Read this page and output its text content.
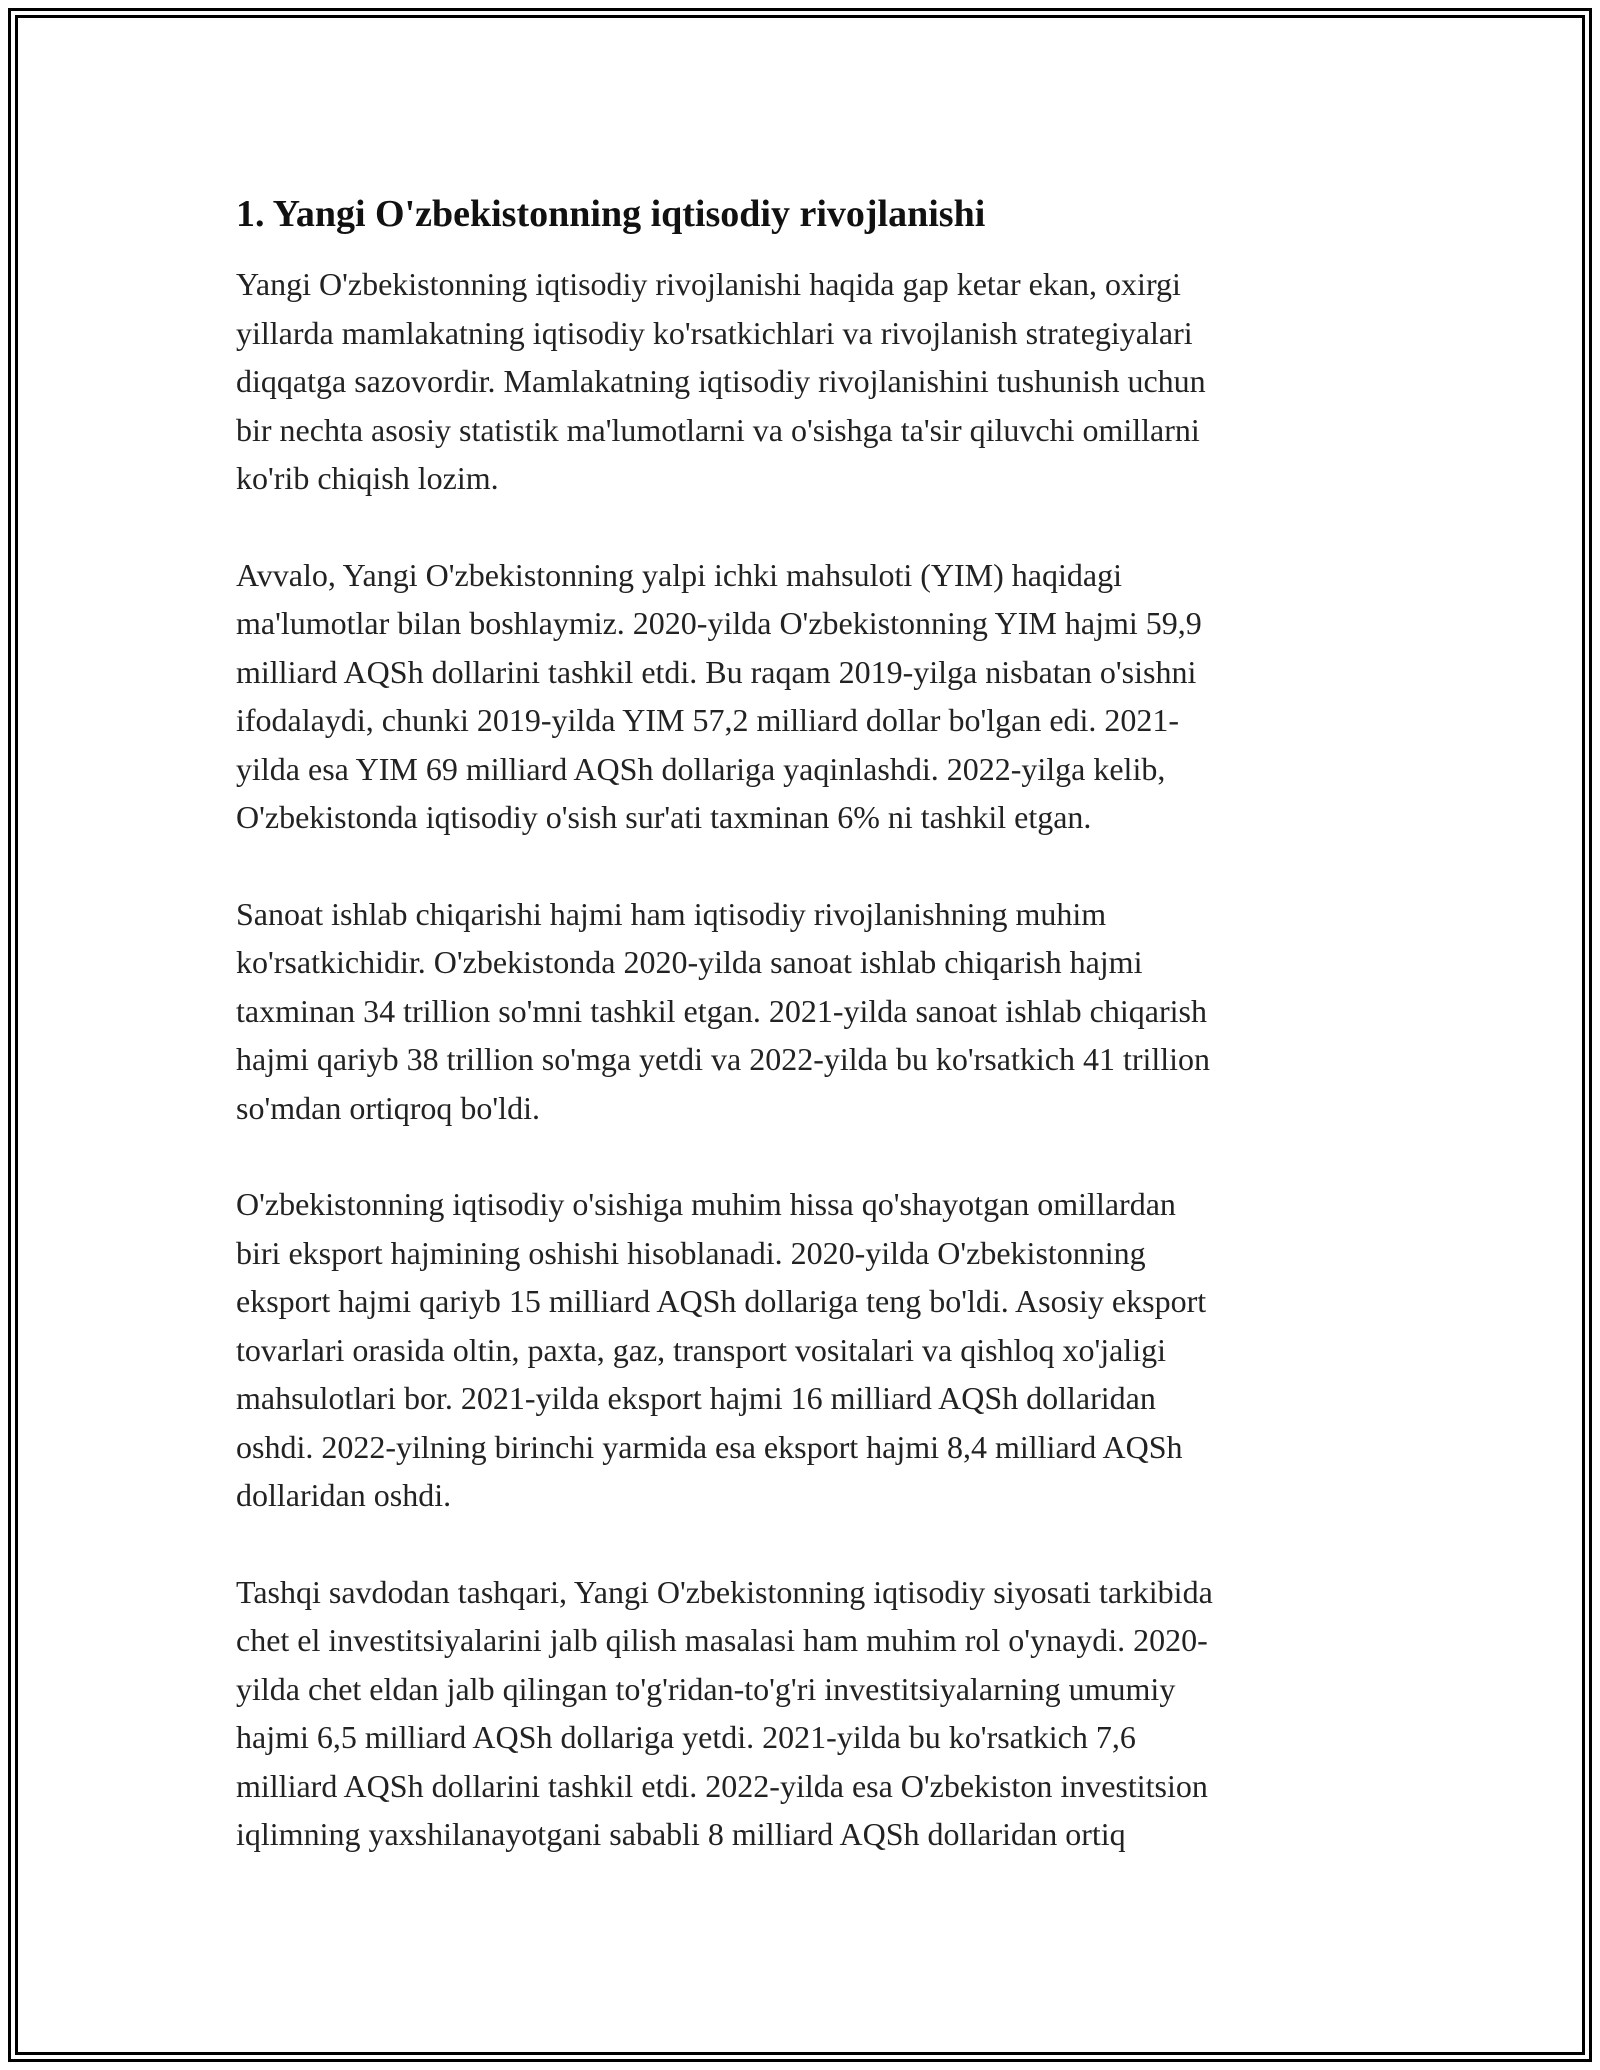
1. Yangi O'zbekistonning iqtisodiy rivojlanishi
Yangi O'zbekistonning iqtisodiy rivojlanishi haqida gap ketar ekan, oxirgi
yillarda mamlakatning iqtisodiy ko'rsatkichlari va rivojlanish strategiyalari
diqqatga sazovordir. Mamlakatning iqtisodiy rivojlanishini tushunish uchun
bir nechta asosiy statistik ma'lumotlarni va o'sishga ta'sir qiluvchi omillarni
ko'rib chiqish lozim.
Avvalo, Yangi O'zbekistonning yalpi ichki mahsuloti (YIM) haqidagi
ma'lumotlar bilan boshlaymiz. 2020-yilda O'zbekistonning YIM hajmi 59,9
milliard AQSh dollarini tashkil etdi. Bu raqam 2019-yilga nisbatan o'sishni
ifodalaydi, chunki 2019-yilda YIM 57,2 milliard dollar bo'lgan edi. 2021-
yilda esa YIM 69 milliard AQSh dollariga yaqinlashdi. 2022-yilga kelib,
O'zbekistonda iqtisodiy o'sish sur'ati taxminan 6% ni tashkil etgan.
Sanoat ishlab chiqarishi hajmi ham iqtisodiy rivojlanishning muhim
ko'rsatkichidir. O'zbekistonda 2020-yilda sanoat ishlab chiqarish hajmi
taxminan 34 trillion so'mni tashkil etgan. 2021-yilda sanoat ishlab chiqarish
hajmi qariyb 38 trillion so'mga yetdi va 2022-yilda bu ko'rsatkich 41 trillion
so'mdan ortiqroq bo'ldi.
O'zbekistonning iqtisodiy o'sishiga muhim hissa qo'shayotgan omillardan
biri eksport hajmining oshishi hisoblanadi. 2020-yilda O'zbekistonning
eksport hajmi qariyb 15 milliard AQSh dollariga teng bo'ldi. Asosiy eksport
tovarlari orasida oltin, paxta, gaz, transport vositalari va qishloq xo'jaligi
mahsulotlari bor. 2021-yilda eksport hajmi 16 milliard AQSh dollaridan
oshdi. 2022-yilning birinchi yarmida esa eksport hajmi 8,4 milliard AQSh
dollaridan oshdi.
Tashqi savdodan tashqari, Yangi O'zbekistonning iqtisodiy siyosati tarkibida
chet el investitsiyalarini jalb qilish masalasi ham muhim rol o'ynaydi. 2020-
yilda chet eldan jalb qilingan to'g'ridan-to'g'ri investitsiyalarning umumiy
hajmi 6,5 milliard AQSh dollariga yetdi. 2021-yilda bu ko'rsatkich 7,6
milliard AQSh dollarini tashkil etdi. 2022-yilda esa O'zbekiston investitsion
iqlimning yaxshilanayotgani sababli 8 milliard AQSh dollaridan ortiq
